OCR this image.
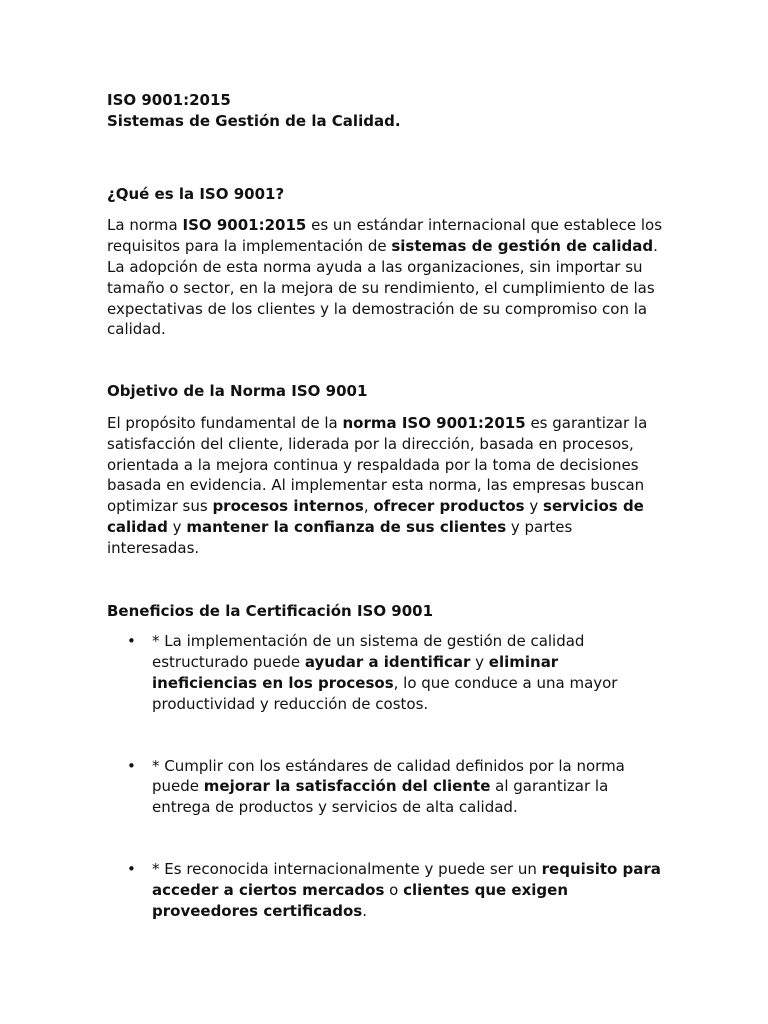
ISO 9001:2015
Sistemas de Gestión de la Calidad.
¿Qué es la ISO 9001?

La norma ISO 9001:2015 es un estándar internacional que establece los requisitos para la implementación de sistemas de gestión de calidad. La adopción de esta norma ayuda a las organizaciones, sin importar su tamaño o sector, en la mejora de su rendimiento, el cumplimiento de las expectativas de los clientes y la demostración de su compromiso con la calidad.

Objetivo de la Norma ISO 9001

El propósito fundamental de la norma ISO 9001:2015 es garantizar la satisfacción del cliente, liderada por la dirección, basada en procesos, orientada a la mejora continua y respaldada por la toma de decisiones basada en evidencia. Al implementar esta norma, las empresas buscan optimizar sus procesos internos, ofrecer productos y servicios de calidad y mantener la confianza de sus clientes y partes interesadas.

Beneficios de la Certificación ISO 9001
• * La implementación de un sistema de gestión de calidad estructurado puede ayudar a identificar y eliminar ineficiencias en los procesos, lo que conduce a una mayor productividad y reducción de costos.
• * Cumplir con los estándares de calidad definidos por la norma puede mejorar la satisfacción del cliente al garantizar la entrega de productos y servicios de alta calidad.
• * Es reconocida internacionalmente y puede ser un requisito para acceder a ciertos mercados o clientes que exigen proveedores certificados.
